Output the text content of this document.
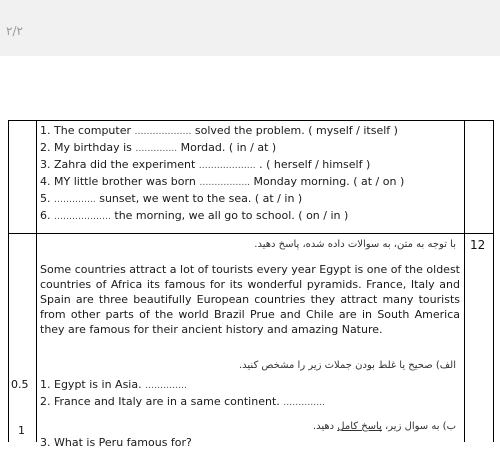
۲/۲
1. The computer ………………. solved the problem. ( myself / itself )
2. My birthday is ………….. Mordad. ( in / at )
3. Zahra did the experiment ………………. . ( herself / himself )
4. MY little brother was born …………….. Monday morning. ( at / on )
5. ………….. sunset, we went to the sea. ( at / in )
6. ………………. the morning, we all go to school. ( on / in )
12
با توجه به متن، به سوالات داده شده، پاسخ دهید.
Some countries attract a lot of tourists every year Egypt is one of the oldest countries of Africa its famous for its wonderful pyramids. France, Italy and Spain are three beautifully European countries they attract many tourists from other parts of the world Brazil Prue and Chile are in South America they are famous for their ancient history and amazing Nature.
الف) صحیح یا غلط بودن جملات زیر را مشخص کنید.
0.5 1. Egypt is in Asia. …………..
2. France and Italy are in a same continent. …………..
1	ب) به سوال زیر، پاسخ کامل دهید.
3. What is Peru famous for?
